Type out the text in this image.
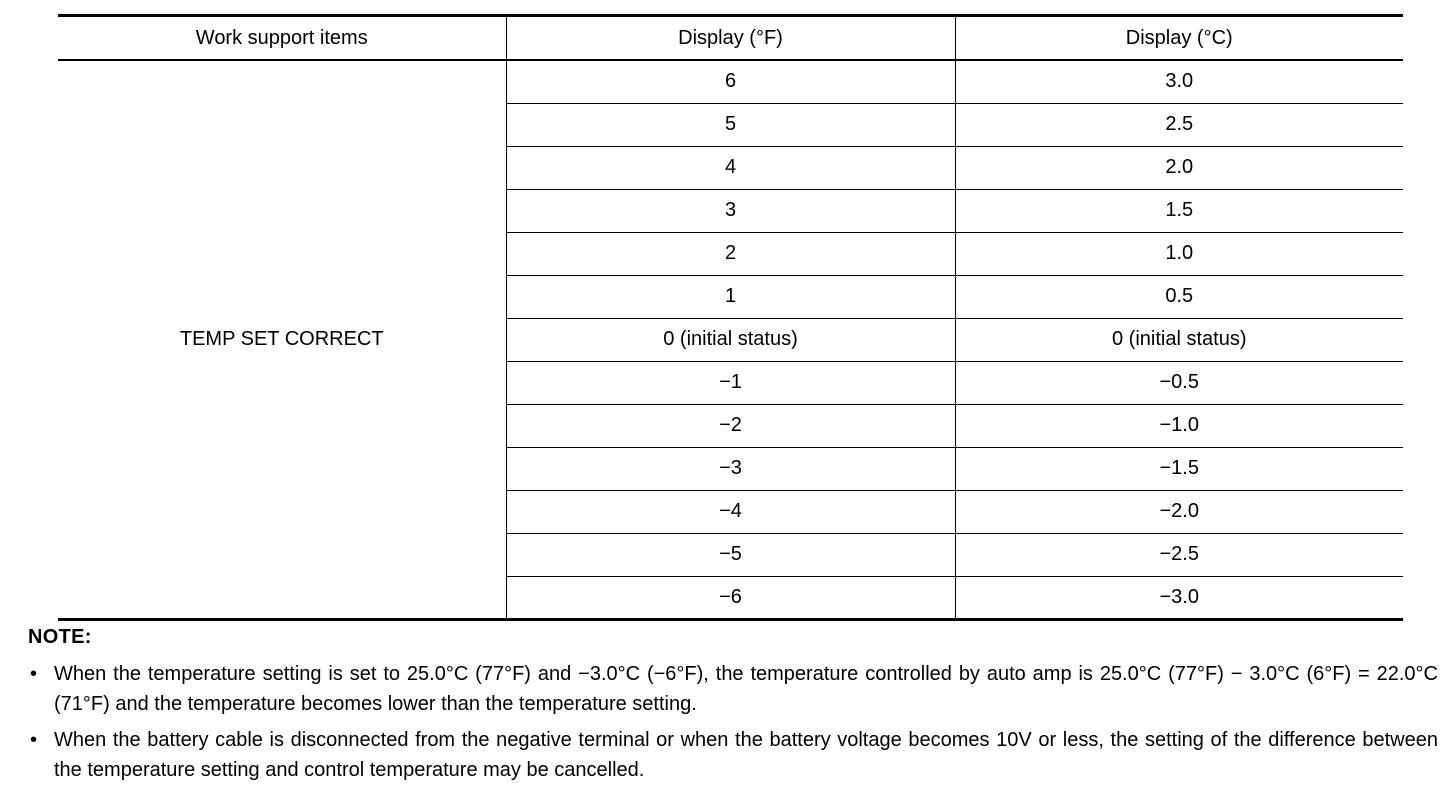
Work support items	Display (°F)	Display (°C)
TEMP SET CORRECT	6	3.0
	5	2.5
	4	2.0
	3	1.5
	2	1.0
	1	0.5
	0 (initial status)	0 (initial status)
	−1	−0.5
	−2	−1.0
	−3	−1.5
	−4	−2.0
	−5	−2.5
	−6	−3.0
NOTE:
• When the temperature setting is set to 25.0°C (77°F) and −3.0°C (−6°F), the temperature controlled by auto amp is 25.0°C (77°F) − 3.0°C (6°F) = 22.0°C (71°F) and the temperature becomes lower than the temperature setting.
• When the battery cable is disconnected from the negative terminal or when the battery voltage becomes 10V or less, the setting of the difference between the temperature setting and control temperature may be cancelled.
